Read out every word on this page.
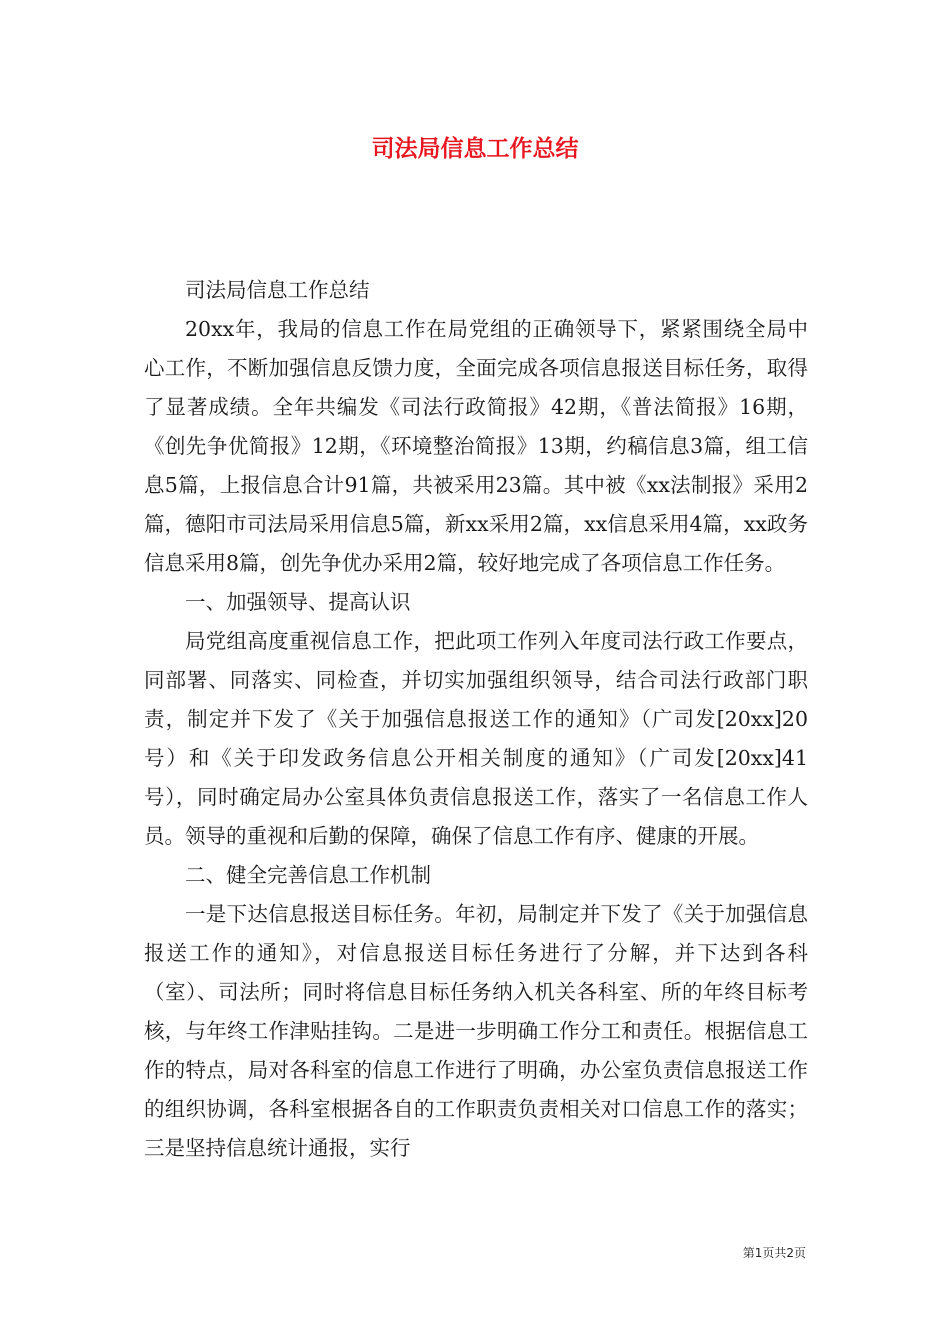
司法局信息工作总结

司法局信息工作总结

20xx年，我局的信息工作在局党组的正确领导下，紧紧围绕全局中心工作，不断加强信息反馈力度，全面完成各项信息报送目标任务，取得了显著成绩。全年共编发《司法行政简报》42期，《普法简报》16期，《创先争优简报》12期，《环境整治简报》13期，约稿信息3篇，组工信息5篇，上报信息合计91篇，共被采用23篇。其中被《xx法制报》采用2篇，德阳市司法局采用信息5篇，新xx采用2篇，xx信息采用4篇，xx政务信息采用8篇，创先争优办采用2篇，较好地完成了各项信息工作任务。

一、加强领导、提高认识

局党组高度重视信息工作，把此项工作列入年度司法行政工作要点，同部署、同落实、同检查，并切实加强组织领导，结合司法行政部门职责，制定并下发了《关于加强信息报送工作的通知》（广司发[20xx]20号）和《关于印发政务信息公开相关制度的通知》（广司发[20xx]41号），同时确定局办公室具体负责信息报送工作，落实了一名信息工作人员。领导的重视和后勤的保障，确保了信息工作有序、健康的开展。

二、健全完善信息工作机制

一是下达信息报送目标任务。年初，局制定并下发了《关于加强信息报送工作的通知》，对信息报送目标任务进行了分解，并下达到各科（室）、司法所；同时将信息目标任务纳入机关各科室、所的年终目标考核，与年终工作津贴挂钩。二是进一步明确工作分工和责任。根据信息工作的特点，局对各科室的信息工作进行了明确，办公室负责信息报送工作的组织协调，各科室根据各自的工作职责负责相关对口信息工作的落实；三是坚持信息统计通报，实行

第1页共2页
